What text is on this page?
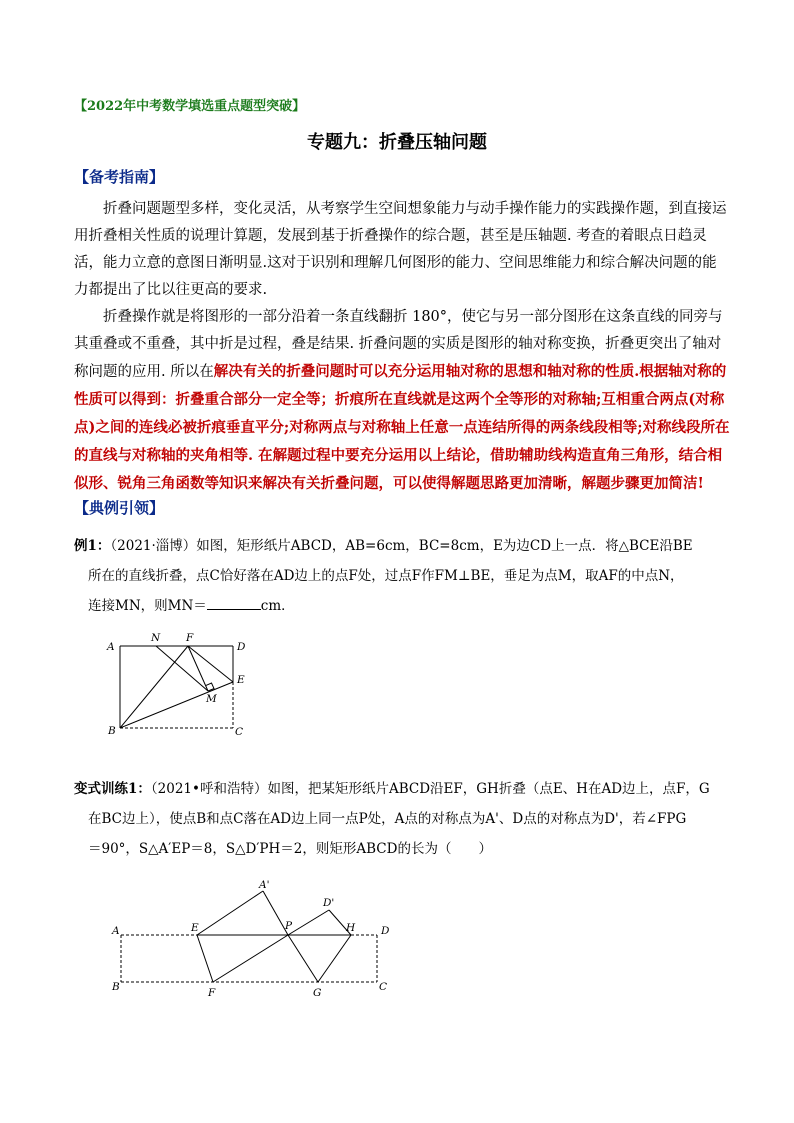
【2022年中考数学填选重点题型突破】
专题九：折叠压轴问题
【备考指南】
折叠问题题型多样，变化灵活，从考察学生空间想象能力与动手操作能力的实践操作题，到直接运用折叠相关性质的说理计算题，发展到基于折叠操作的综合题，甚至是压轴题. 考查的着眼点日趋灵活，能力立意的意图日渐明显.这对于识别和理解几何图形的能力、空间思维能力和综合解决问题的能力都提出了比以往更高的要求.
折叠操作就是将图形的一部分沿着一条直线翻折 180°，使它与另一部分图形在这条直线的同旁与其重叠或不重叠，其中折是过程，叠是结果. 折叠问题的实质是图形的轴对称变换，折叠更突出了轴对称问题的应用. 所以在解决有关的折叠问题时可以充分运用轴对称的思想和轴对称的性质.根据轴对称的性质可以得到：折叠重合部分一定全等；折痕所在直线就是这两个全等形的对称轴;互相重合两点(对称点)之间的连线必被折痕垂直平分;对称两点与对称轴上任意一点连结所得的两条线段相等;对称线段所在的直线与对称轴的夹角相等. 在解题过程中要充分运用以上结论，借助辅助线构造直角三角形，结合相似形、锐角三角函数等知识来解决有关折叠问题，可以使得解题思路更加清晰，解题步骤更加简洁!
【典例引领】
例1：（2021·淄博）如图，矩形纸片ABCD，AB=6cm，BC=8cm，E为边CD上一点．将△BCE沿BE
所在的直线折叠，点C恰好落在AD边上的点F处，过点F作FM⊥BE，垂足为点M，取AF的中点N，
连接MN，则MN＝	cm．
A
N F
D
E
M
B	C
变式训练1：（2021•呼和浩特）如图，把某矩形纸片ABCD沿EF，GH折叠（点E、H在AD边上，点F，G
在BC边上），使点B和点C落在AD边上同一点P处，A点的对称点为A'、D点的对称点为D'，若∠FPG
＝90°，S△A′EP＝8，S△D′PH＝2，则矩形ABCD的长为（　　）
A'
D'
A	E	P	H D
B	F	G	C
